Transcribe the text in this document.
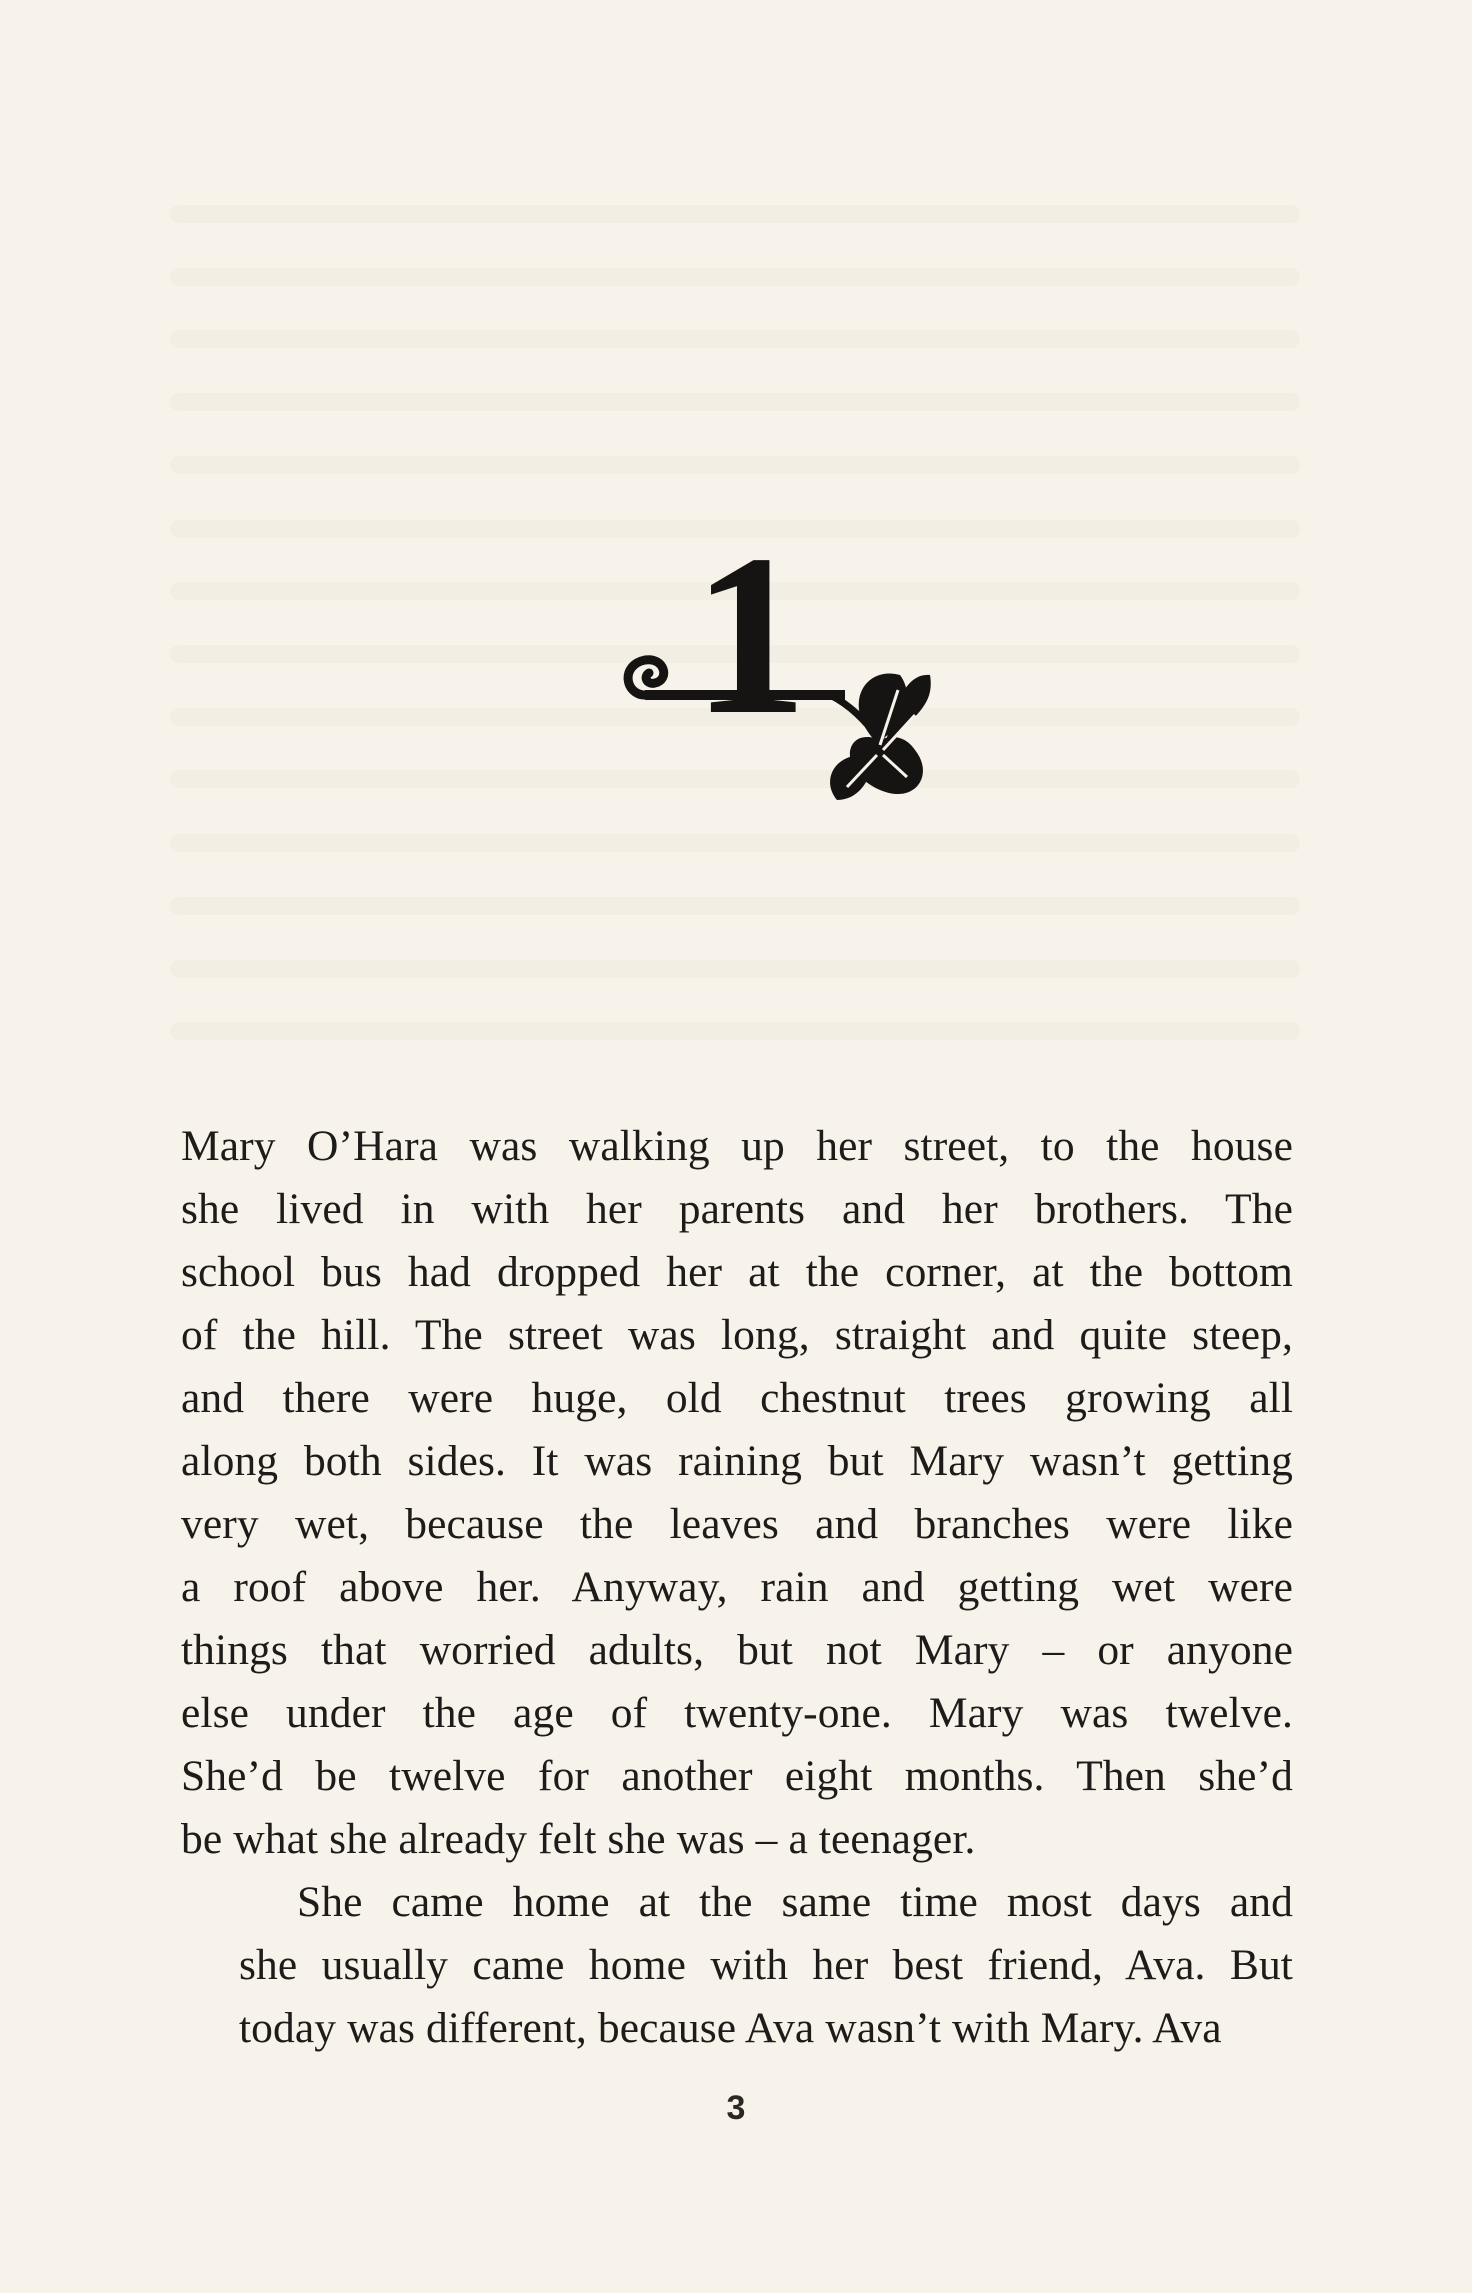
1
Mary O’Hara was walking up her street, to the house
she lived in with her parents and her brothers. The
school bus had dropped her at the corner, at the bottom
of the hill. The street was long, straight and quite steep,
and there were huge, old chestnut trees growing all
along both sides. It was raining but Mary wasn’t getting
very wet, because the leaves and branches were like
a roof above her. Anyway, rain and getting wet were
things that worried adults, but not Mary – or anyone
else under the age of twenty-one. Mary was twelve.
She’d be twelve for another eight months. Then she’d
be what she already felt she was – a teenager.
She came home at the same time most days and
she usually came home with her best friend, Ava. But
today was different, because Ava wasn’t with Mary. Ava
3
